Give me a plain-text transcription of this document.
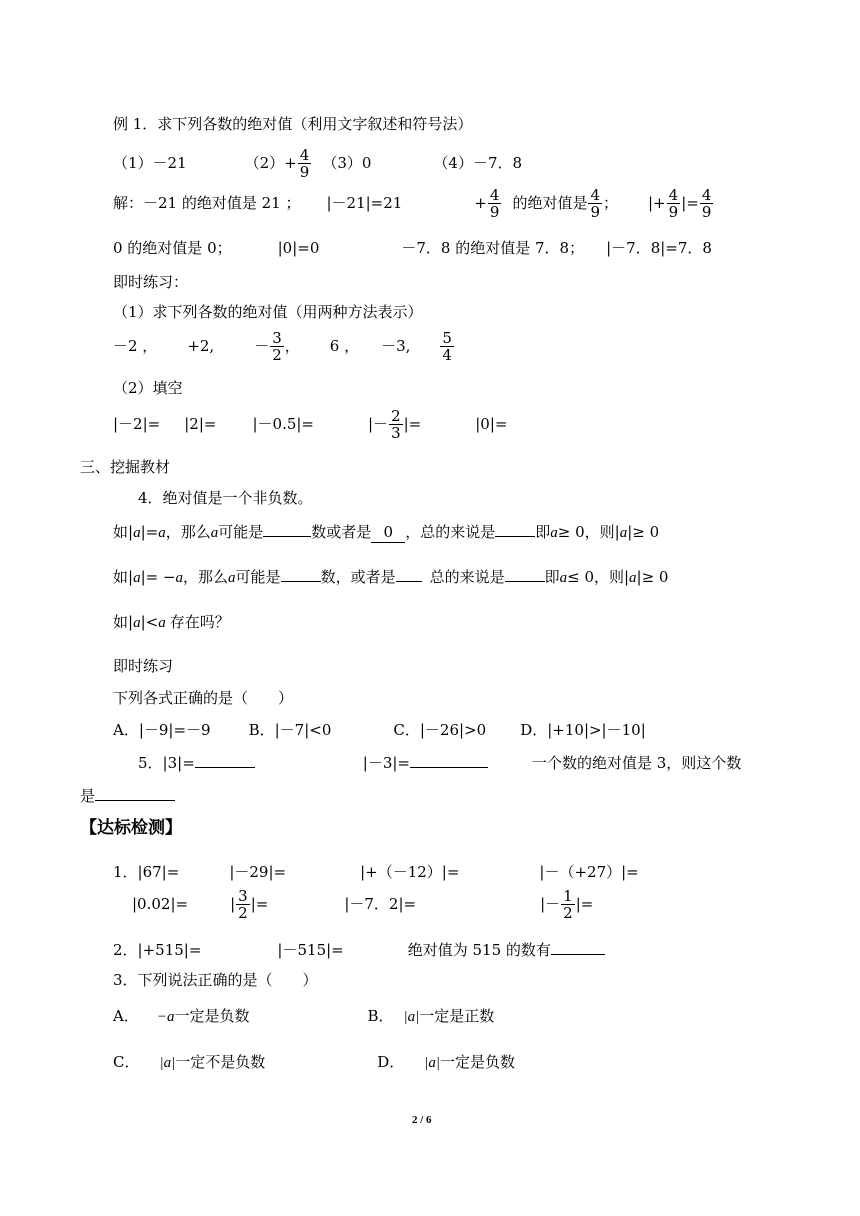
例 1．求下列各数的绝对值（利用文字叙述和符号法）
（1）－21	$(2)+ \frac{4}{9} (3)0$	（4）－7．8
解：－21 的绝对值是 21 ； |－21|=21	+ $\frac{4}{9}$ 的绝对值是 $\frac{4}{9}$ ； |+ $\frac{4}{9}$ |= $\frac{4}{9}$
0 的绝对值是 0；	|0|=0	－7．8 的绝对值是 7．8； |－7．8|=7．8
即时练习：
（1）求下列各数的绝对值（用两种方法表示）
－2 ， +2,	－ $\frac{3}{2}$ ， 6 ， －3, $\frac{5}{4}$
（2）填空
|－2|= |2|= |－0.5|=	|－ $\frac{2}{3}$ |=	|0|=
三、挖掘教材
4．绝对值是一个非负数。
如|a|=a，那么a可能是	数或者是 0 ，总的来说是	即a≥ 0，则|a|≥ 0
如|a|= −a，那么a可能是	数，或者是 总的来说是	即a≤ 0，则|a|≥ 0
如|a|<a 存在吗？
即时练习
下列各式正确的是（　　）
A．|－9|=－9	B．|－7|<0	C．|－26|>0 D．|+10|>|－10|
5．|3|=	|－3|=	一个数的绝对值是 3，则这个数
是
【达标检测】
1．|67|=	|－29|=	|+（－12）|=	|－（+27）|=
|0.02|=	| $\frac{3}{2}$ |=	|－7．2|=	|－ $\frac{1}{2}$ |=
2．|+515|=	|－515|=	绝对值为 515 的数有
3．下列说法正确的是（　　）
A． −a一定是负数	B． |a|一定是正数
C． |a|一定不是负数	D． |a|一定是负数
2 / 6
